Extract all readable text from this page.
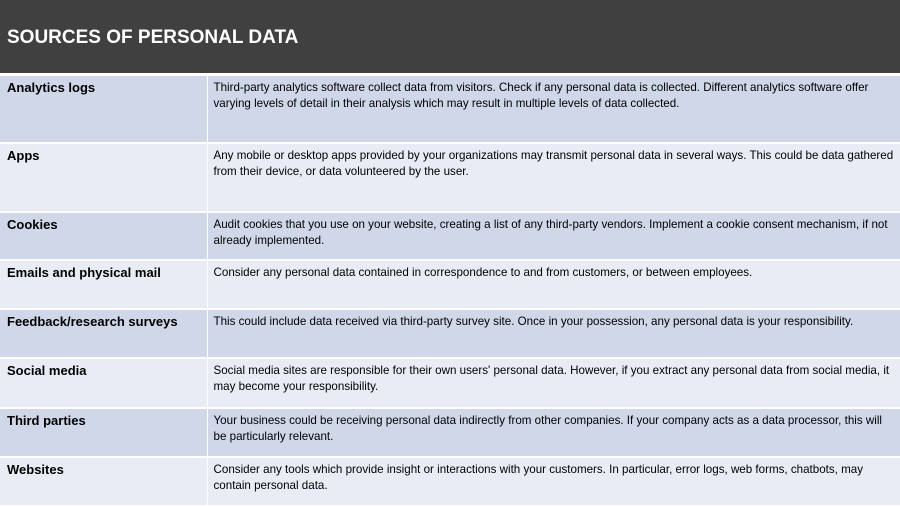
SOURCES OF PERSONAL DATA
Analytics logs	Third-party analytics software collect data from visitors. Check if any personal data is collected. Different analytics software offer varying levels of detail in their analysis which may result in multiple levels of data collected.

Apps	Any mobile or desktop apps provided by your organizations may transmit personal data in several ways. This could be data gathered from their device, or data volunteered by the user.

Cookies	Audit cookies that you use on your website, creating a list of any third-party vendors. Implement a cookie consent mechanism, if not already implemented.

Emails and physical mail	Consider any personal data contained in correspondence to and from customers, or between employees.

Feedback/research surveys	This could include data received via third-party survey site. Once in your possession, any personal data is your responsibility.

Social media	Social media sites are responsible for their own users' personal data. However, if you extract any personal data from social media, it may become your responsibility.

Third parties	Your business could be receiving personal data indirectly from other companies. If your company acts as a data processor, this will be particularly relevant.

Websites	Consider any tools which provide insight or interactions with your customers. In particular, error logs, web forms, chatbots, may contain personal data.
